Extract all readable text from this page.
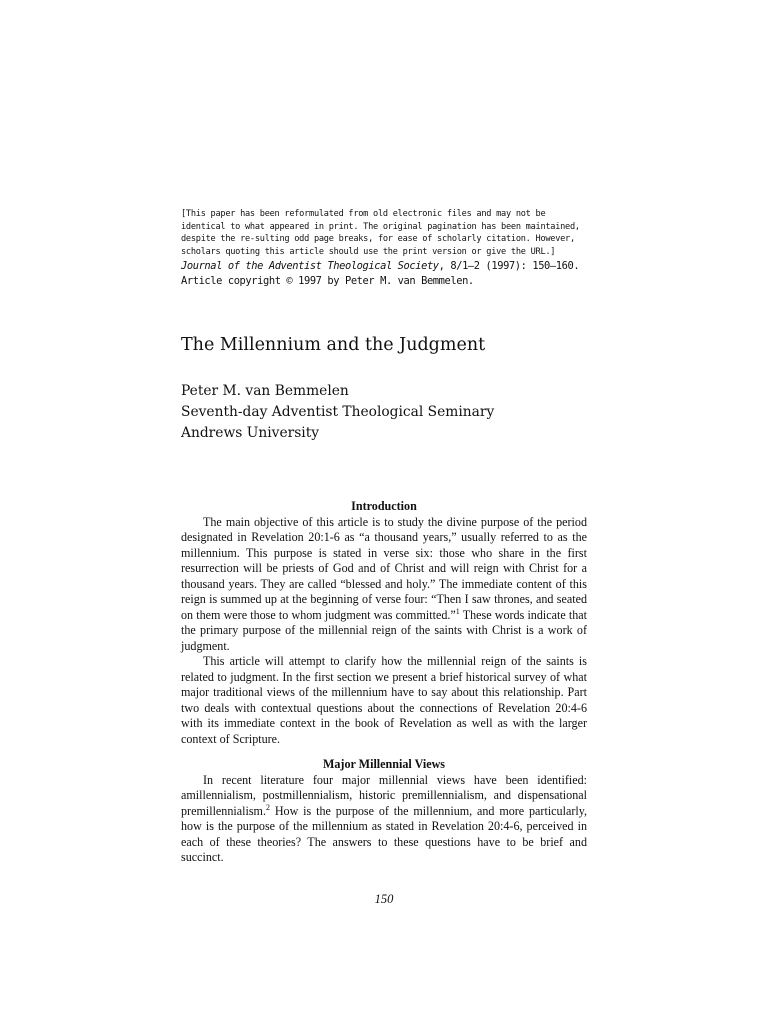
[This paper has been reformulated from old electronic files and may not be identical to what appeared in print. The original pagination has been maintained, despite the re-sulting odd page breaks, for ease of scholarly citation. However, scholars quoting this article should use the print version or give the URL.]
Journal of the Adventist Theological Society, 8/1–2 (1997): 150–160.
Article copyright © 1997 by Peter M. van Bemmelen.
The Millennium and the Judgment
Peter M. van Bemmelen
Seventh-day Adventist Theological Seminary
Andrews University
Introduction

The main objective of this article is to study the divine purpose of the period designated in Revelation 20:1-6 as “a thousand years,” usually referred to as the millennium. This purpose is stated in verse six: those who share in the first resurrection will be priests of God and of Christ and will reign with Christ for a thousand years. They are called “blessed and holy.” The immediate content of this reign is summed up at the beginning of verse four: “Then I saw thrones, and seated on them were those to whom judgment was committed.”$^1$ These words indicate that the primary purpose of the millennial reign of the saints with Christ is a work of judgment.

This article will attempt to clarify how the millennial reign of the saints is related to judgment. In the first section we present a brief historical survey of what major traditional views of the millennium have to say about this relationship. Part two deals with contextual questions about the connections of Revelation 20:4-6 with its immediate context in the book of Revelation as well as with the larger context of Scripture.

Major Millennial Views

In recent literature four major millennial views have been identified: amillennialism, postmillennialism, historic premillennialism, and dispensational premillennialism.$^2$ How is the purpose of the millennium, and more particularly, how is the purpose of the millennium as stated in Revelation 20:4-6, perceived in each of these theories? The answers to these questions have to be brief and succinct.

150
